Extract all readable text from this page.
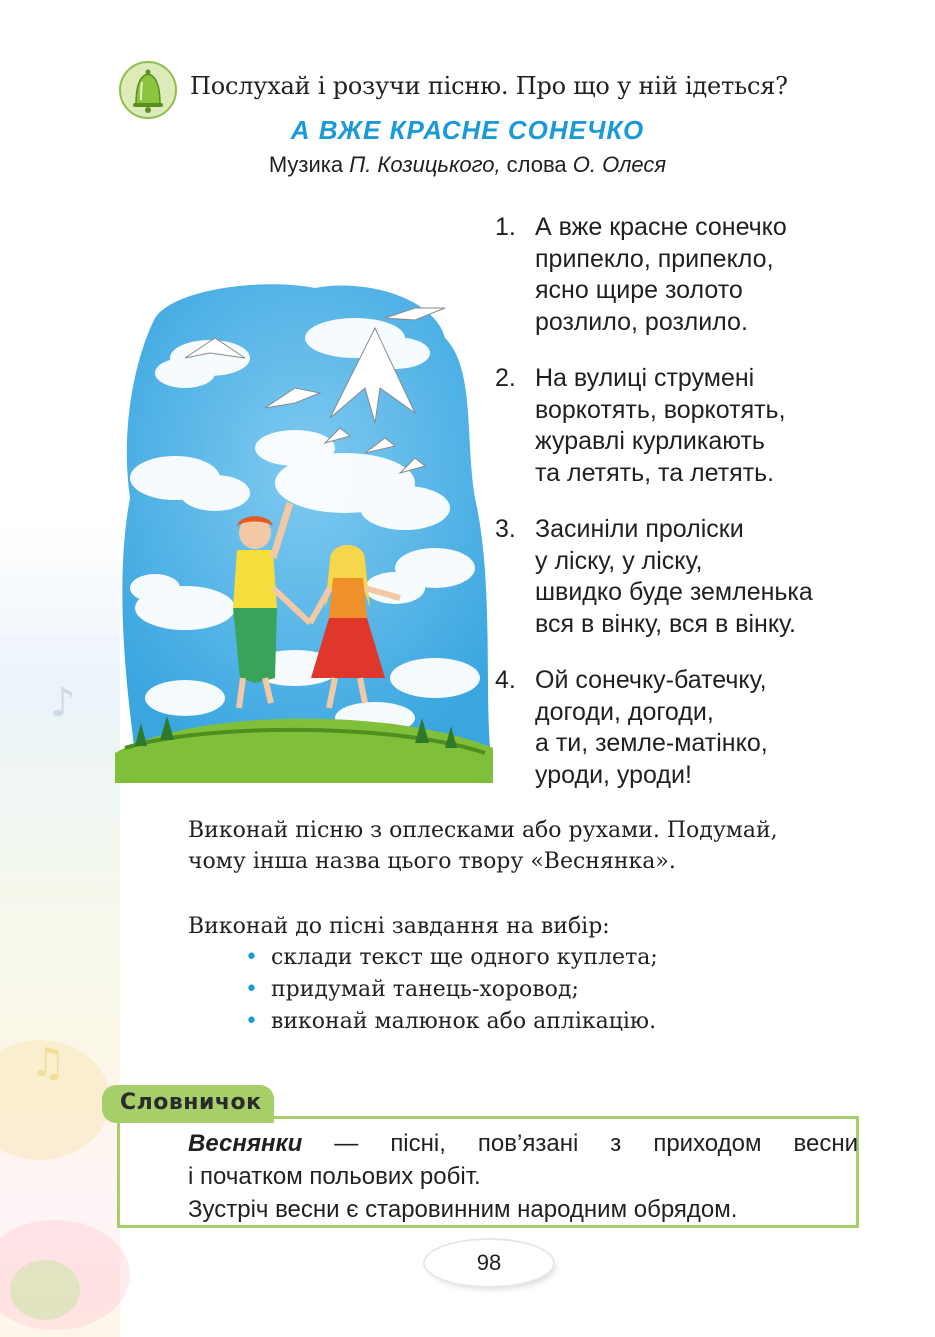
♪
♫
Послухай і розучи пісню. Про що у ній ідеться?
А ВЖЕ КРАСНЕ СОНЕЧКО
Музика П. Козицького, слова О. Олеся
1. А вже красне сонечко
припекло, припекло,
ясно щире золото
розлило, розлило.
2. На вулиці струмені
воркотять, воркотять,
журавлі курликають
та летять, та летять.
3. Засиніли проліски
у ліску, у ліску,
швидко буде земленька
вся в вінку, вся в вінку.
4. Ой сонечку-батечку,
догоди, догоди,
а ти, земле-матінко,
уроди, уроди!
Виконай пісню з оплесками або рухами. Подумай,
чому інша назва цього твору «Веснянка».
Виконай до пісні завдання на вибір:
• склади текст ще одного куплета;
• придумай танець-хоровод;
• виконай малюнок або аплікацію.
Веснянки — пісні, пов’язані з приходом весни
і початком польових робіт.
Зустріч весни є старовинним народним обрядом.
Словничок
98
